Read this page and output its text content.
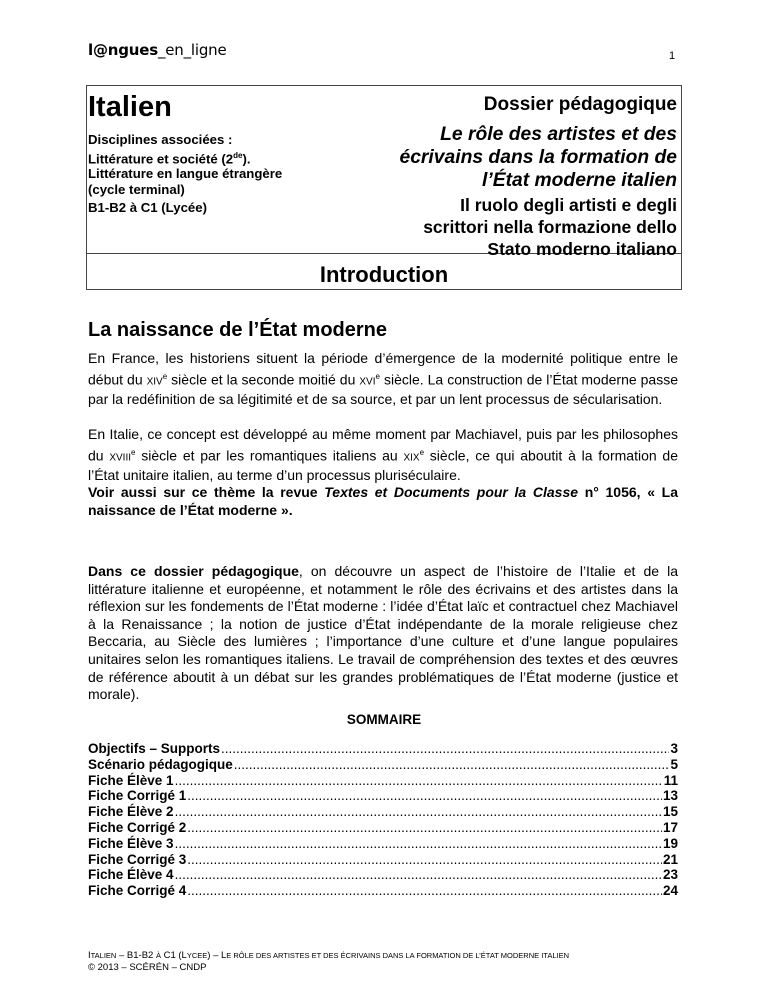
l@ngues_en_ligne	1
Italien
Disciplines associées :
Littérature et société (2de).
Littérature en langue étrangère
(cycle terminal)
B1-B2 à C1 (Lycée)
Dossier pédagogique
Le rôle des artistes et des
écrivains dans la formation de
l’État moderne italien
Il ruolo degli artisti e degli
scrittori nella formazione dello
Stato moderno italiano
Introduction
La naissance de l’État moderne
En France, les historiens situent la période d’émergence de la modernité politique entre le début du XIVe siècle et la seconde moitié du XVIe siècle. La construction de l’État moderne passe par la redéfinition de sa légitimité et de sa source, et par un lent processus de sécularisation.
En Italie, ce concept est développé au même moment par Machiavel, puis par les philosophes du XVIIIe siècle et par les romantiques italiens au XIXe siècle, ce qui aboutit à la formation de l’État unitaire italien, au terme d’un processus pluriséculaire.
Voir aussi sur ce thème la revue Textes et Documents pour la Classe n° 1056, « La naissance de l’État moderne ».
Dans ce dossier pédagogique, on découvre un aspect de l’histoire de l’Italie et de la littérature italienne et européenne, et notamment le rôle des écrivains et des artistes dans la réflexion sur les fondements de l’État moderne : l’idée d’État laïc et contractuel chez Machiavel à la Renaissance ; la notion de justice d’État indépendante de la morale religieuse chez Beccaria, au Siècle des lumières ; l’importance d’une culture et d’une langue populaires unitaires selon les romantiques italiens. Le travail de compréhension des textes et des œuvres de référence aboutit à un débat sur les grandes problématiques de l’État moderne (justice et morale).
SOMMAIRE
Objectifs – Supports .....	3
Scénario pédagogique .....	5
Fiche Élève 1 .....	11
Fiche Corrigé 1 .....	13
Fiche Élève 2 .....	15
Fiche Corrigé 2 .....	17
Fiche Élève 3 .....	19
Fiche Corrigé 3 .....	21
Fiche Élève 4 .....	23
Fiche Corrigé 4 .....	24
ITALIEN – B1-B2 À C1 (LYCEE) – LE RÔLE DES ARTISTES ET DES ÉCRIVAINS DANS LA FORMATION DE L’ÉTAT MODERNE ITALIEN
© 2013 – SCÉRÉN – CNDP
